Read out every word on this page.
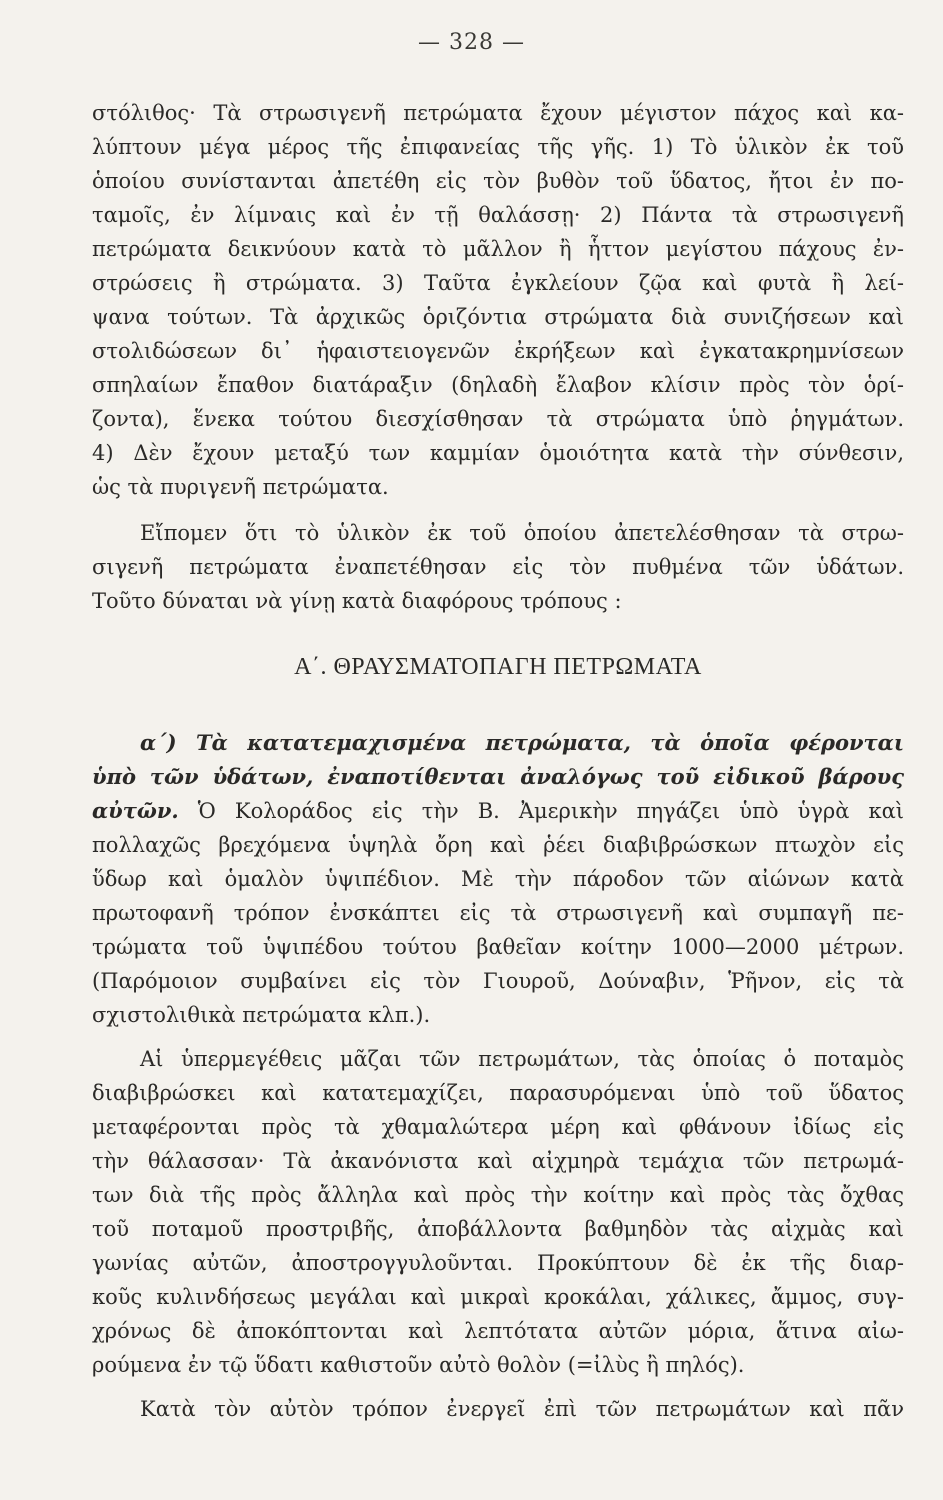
— 328 —
στόλιθος· Τὰ στρωσιγενῆ πετρώματα ἔχουν μέγιστον πάχος καὶ κα-
λύπτουν μέγα μέρος τῆς ἐπιφανείας τῆς γῆς. 1) Τὸ ὑλικὸν ἐκ τοῦ
ὁποίου συνίστανται ἀπετέθη εἰς τὸν βυθὸν τοῦ ὕδατος, ἤτοι ἐν πο-
ταμοῖς, ἐν λίμναις καὶ ἐν τῇ θαλάσσῃ· 2) Πάντα τὰ στρωσιγενῆ
πετρώματα δεικνύουν κατὰ τὸ μᾶλλον ἢ ἧττον μεγίστου πάχους ἐν-
στρώσεις ἢ στρώματα. 3) Ταῦτα ἐγκλείουν ζῷα καὶ φυτὰ ἢ λεί-
ψανα τούτων. Τὰ ἀρχικῶς ὁριζόντια στρώματα διὰ συνιζήσεων καὶ
στολιδώσεων δι᾽ ἡφαιστειογενῶν ἐκρήξεων καὶ ἐγκατακρημνίσεων
σπηλαίων ἔπαθον διατάραξιν (δηλαδὴ ἔλαβον κλίσιν πρὸς τὸν ὁρί-
ζοντα), ἕνεκα τούτου διεσχίσθησαν τὰ στρώματα ὑπὸ ῥηγμάτων.
4) Δὲν ἔχουν μεταξύ των καμμίαν ὁμοιότητα κατὰ τὴν σύνθεσιν,
ὡς τὰ πυριγενῆ πετρώματα.
Εἴπομεν ὅτι τὸ ὑλικὸν ἐκ τοῦ ὁποίου ἀπετελέσθησαν τὰ στρω-
σιγενῆ πετρώματα ἐναπετέθησαν εἰς τὸν πυθμένα τῶν ὑδάτων.
Τοῦτο δύναται νὰ γίνῃ κατὰ διαφόρους τρόπους :
Α΄. ΘΡΑΥΣΜΑΤΟΠΑΓΗ ΠΕΤΡΩΜΑΤΑ
α΄) Τὰ κατατεμαχισμένα πετρώματα, τὰ ὁποῖα φέρονται
ὑπὸ τῶν ὑδάτων, ἐναποτίθενται ἀναλόγως τοῦ εἰδικοῦ βάρους
αὐτῶν. Ὁ Κολοράδος εἰς τὴν Β. Ἀμερικὴν πηγάζει ὑπὸ ὑγρὰ καὶ
πολλαχῶς βρεχόμενα ὑψηλὰ ὄρη καὶ ῥέει διαβιβρώσκων πτωχὸν εἰς
ὕδωρ καὶ ὁμαλὸν ὑψιπέδιον. Μὲ τὴν πάροδον τῶν αἰώνων κατὰ
πρωτοφανῆ τρόπον ἐνσκάπτει εἰς τὰ στρωσιγενῆ καὶ συμπαγῆ πε-
τρώματα τοῦ ὑψιπέδου τούτου βαθεῖαν κοίτην 1000—2000 μέτρων.
(Παρόμοιον συμβαίνει εἰς τὸν Γιουρoῦ, Δούναβιν, Ῥῆνον, εἰς τὰ
σχιστολιθικὰ πετρώματα κλπ.).
Αἱ ὑπερμεγέθεις μᾶζαι τῶν πετρωμάτων, τὰς ὁποίας ὁ ποταμὸς
διαβιβρώσκει καὶ κατατεμαχίζει, παρασυρόμεναι ὑπὸ τοῦ ὕδατος
μεταφέρονται πρὸς τὰ χθαμαλώτερα μέρη καὶ φθάνουν ἰδίως εἰς
τὴν θάλασσαν· Τὰ ἀκανόνιστα καὶ αἰχμηρὰ τεμάχια τῶν πετρωμά-
των διὰ τῆς πρὸς ἄλληλα καὶ πρὸς τὴν κοίτην καὶ πρὸς τὰς ὄχθας
τοῦ ποταμοῦ προστριβῆς, ἀποβάλλοντα βαθμηδὸν τὰς αἰχμὰς καὶ
γωνίας αὐτῶν, ἀποστρογγυλοῦνται. Προκύπτουν δὲ ἐκ τῆς διαρ-
κοῦς κυλινδήσεως μεγάλαι καὶ μικραὶ κροκάλαι, χάλικες, ἄμμος, συγ-
χρόνως δὲ ἀποκόπτονται καὶ λεπτότατα αὐτῶν μόρια, ἅτινα αἰω-
ρούμενα ἐν τῷ ὕδατι καθιστοῦν αὐτὸ θολὸν (=ἰλὺς ἢ πηλός).
Κατὰ τὸν αὐτὸν τρόπον ἐνεργεῖ ἐπὶ τῶν πετρωμάτων καὶ πᾶν
